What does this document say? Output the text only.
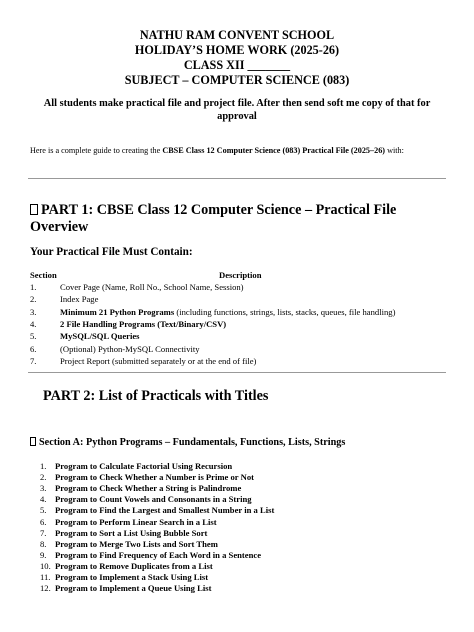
NATHU RAM CONVENT SCHOOL
HOLIDAY’S HOME WORK (2025-26)
CLASS XII _______
SUBJECT – COMPUTER SCIENCE (083)
All students make practical file and project file. After then send soft me copy of that for approval
Here is a complete guide to creating the CBSE Class 12 Computer Science (083) Practical File (2025–26) with:
PART 1: CBSE Class 12 Computer Science – Practical File Overview
Your Practical File Must Contain:
Section	Description
1.	Cover Page (Name, Roll No., School Name, Session)
2.	Index Page
3.	Minimum 21 Python Programs (including functions, strings, lists, stacks, queues, file handling)
4.	2 File Handling Programs (Text/Binary/CSV)
5.	MySQL/SQL Queries
6.	(Optional) Python-MySQL Connectivity
7.	Project Report (submitted separately or at the end of file)
PART 2: List of Practicals with Titles
Section A: Python Programs – Fundamentals, Functions, Lists, Strings
1. Program to Calculate Factorial Using Recursion
2. Program to Check Whether a Number is Prime or Not
3. Program to Check Whether a String is Palindrome
4. Program to Count Vowels and Consonants in a String
5. Program to Find the Largest and Smallest Number in a List
6. Program to Perform Linear Search in a List
7. Program to Sort a List Using Bubble Sort
8. Program to Merge Two Lists and Sort Them
9. Program to Find Frequency of Each Word in a Sentence
10. Program to Remove Duplicates from a List
11. Program to Implement a Stack Using List
12. Program to Implement a Queue Using List
